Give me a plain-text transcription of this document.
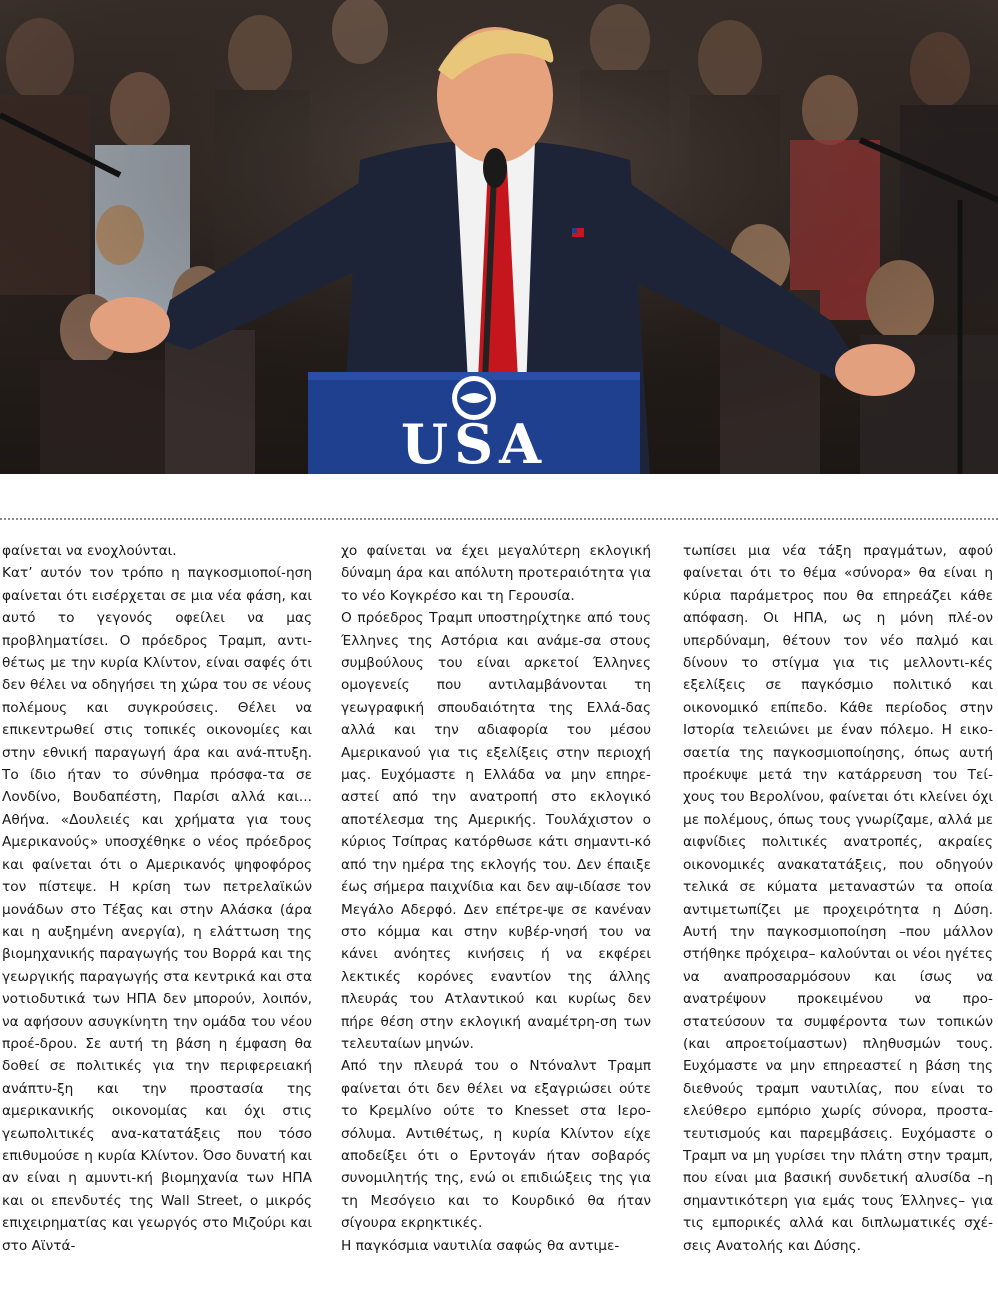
USA

φαίνεται να ενοχλούνται.

Κατ’ αυτόν τον τρόπο η παγκοσμιοποί-ηση φαίνεται ότι εισέρχεται σε μια νέα φάση, και αυτό το γεγονός οφείλει να μας προβληματίσει. Ο πρόεδρος Τραμπ, αντι-θέτως με την κυρία Κλίντον, είναι σαφές ότι δεν θέλει να οδηγήσει τη χώρα του σε νέους πολέμους και συγκρούσεις. Θέλει να επικεντρωθεί στις τοπικές οικονομίες και στην εθνική παραγωγή άρα και ανά-πτυξη. Το ίδιο ήταν το σύνθημα πρόσφα-τα σε Λονδίνο, Βουδαπέστη, Παρίσι αλλά και... Αθήνα. «Δουλειές και χρήματα για τους Αμερικανούς» υποσχέθηκε ο νέος πρόεδρος και φαίνεται ότι ο Αμερικανός ψηφοφόρος τον πίστεψε. Η κρίση των πετρελαϊκών μονάδων στο Τέξας και στην Αλάσκα (άρα και η αυξημένη ανεργία), η ελάττωση της βιομηχανικής παραγωγής του Βορρά και της γεωργικής παραγωγής στα κεντρικά και στα νοτιοδυτικά των ΗΠΑ δεν μπορούν, λοιπόν, να αφήσουν ασυγκίνητη την ομάδα του νέου προέ-δρου. Σε αυτή τη βάση η έμφαση θα δοθεί σε πολιτικές για την περιφερειακή ανάπτυ-ξη και την προστασία της αμερικανικής οικονομίας και όχι στις γεωπολιτικές ανα-κατατάξεις που τόσο επιθυμούσε η κυρία Κλίντον. Όσο δυνατή και αν είναι η αμυντι-κή βιομηχανία των ΗΠΑ και οι επενδυτές της Wall Street, ο μικρός επιχειρηματίας και γεωργός στο Μιζούρι και στο Αϊντά-

χο φαίνεται να έχει μεγαλύτερη εκλογική δύναμη άρα και απόλυτη προτεραιότητα για το νέο Κογκρέσο και τη Γερουσία.

Ο πρόεδρος Τραμπ υποστηρίχτηκε από τους Έλληνες της Αστόρια και ανάμε-σα στους συμβούλους του είναι αρκετοί Έλληνες ομογενείς που αντιλαμβάνονται τη γεωγραφική σπουδαιότητα της Ελλά-δας αλλά και την αδιαφορία του μέσου Αμερικανού για τις εξελίξεις στην περιοχή μας. Ευχόμαστε η Ελλάδα να μην επηρε-αστεί από την ανατροπή στο εκλογικό αποτέλεσμα της Αμερικής. Τουλάχιστον ο κύριος Τσίπρας κατόρθωσε κάτι σημαντι-κό από την ημέρα της εκλογής του. Δεν έπαιξε έως σήμερα παιχνίδια και δεν αψ-ιδίασε τον Μεγάλο Αδερφό. Δεν επέτρε-ψε σε κανέναν στο κόμμα και στην κυβέρ-νησή του να κάνει ανόητες κινήσεις ή να εκφέρει λεκτικές κορόνες εναντίον της άλλης πλευράς του Ατλαντικού και κυρίως δεν πήρε θέση στην εκλογική αναμέτρη-ση των τελευταίων μηνών.

Από την πλευρά του ο Ντόναλντ Τραμπ φαίνεται ότι δεν θέλει να εξαγριώσει ούτε το Κρεμλίνο ούτε το Knesset στα Ιερο-σόλυμα. Αντιθέτως, η κυρία Κλίντον είχε αποδείξει ότι ο Ερντογάν ήταν σοβαρός συνομιλητής της, ενώ οι επιδιώξεις της για τη Μεσόγειο και το Κουρδικό θα ήταν σίγουρα εκρηκτικές.

Η παγκόσμια ναυτιλία σαφώς θα αντιμε-

τωπίσει μια νέα τάξη πραγμάτων, αφού φαίνεται ότι το θέμα «σύνορα» θα είναι η κύρια παράμετρος που θα επηρεάζει κάθε απόφαση. Οι ΗΠΑ, ως η μόνη πλέ-ον υπερδύναμη, θέτουν τον νέο παλμό και δίνουν το στίγμα για τις μελλοντι-κές εξελίξεις σε παγκόσμιο πολιτικό και οικονομικό επίπεδο. Κάθε περίοδος στην Ιστορία τελειώνει με έναν πόλεμο. Η εικο-σαετία της παγκοσμιοποίησης, όπως αυτή προέκυψε μετά την κατάρρευση του Τεί-χους του Βερολίνου, φαίνεται ότι κλείνει όχι με πολέμους, όπως τους γνωρίζαμε, αλλά με αιφνίδιες πολιτικές ανατροπές, ακραίες οικονομικές ανακατατάξεις, που οδηγούν τελικά σε κύματα μεταναστών τα οποία αντιμετωπίζει με προχειρότητα η Δύση. Αυτή την παγκοσμιοποίηση –που μάλλον στήθηκε πρόχειρα– καλούνται οι νέοι ηγέτες να αναπροσαρμόσουν και ίσως να ανατρέψουν προκειμένου να προ-στατεύσουν τα συμφέροντα των τοπικών (και απροετοίμαστων) πληθυσμών τους. Ευχόμαστε να μην επηρεαστεί η βάση της διεθνούς τραμπ ναυτιλίας, που είναι το ελεύθερο εμπόριο χωρίς σύνορα, προστα-τευτισμούς και παρεμβάσεις. Ευχόμαστε ο Τραμπ να μη γυρίσει την πλάτη στην τραμπ, που είναι μια βασική συνδετική αλυσίδα –η σημαντικότερη για εμάς τους Έλληνες– για τις εμπορικές αλλά και διπλωματικές σχέ-σεις Ανατολής και Δύσης.
